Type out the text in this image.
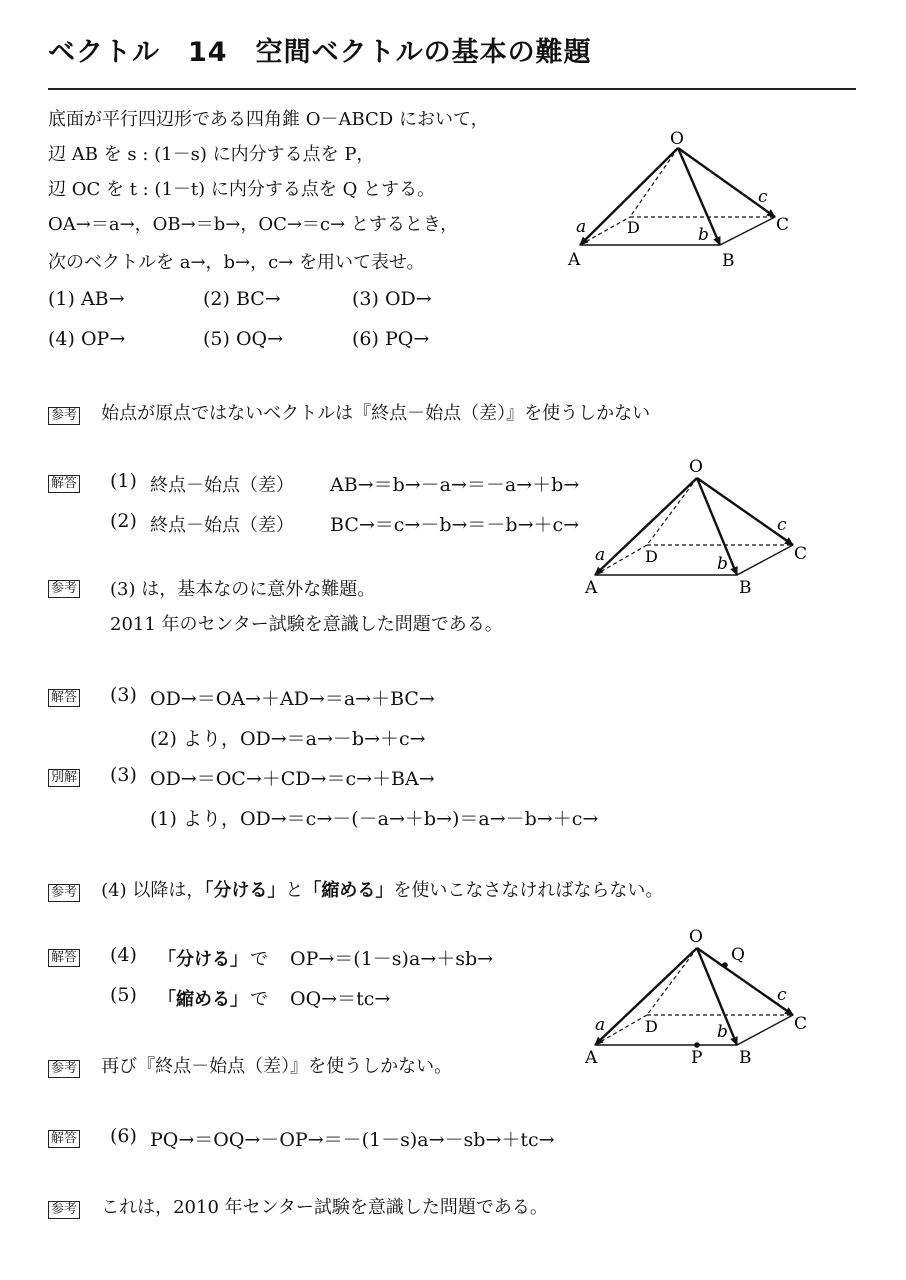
ベクトル　14　空間ベクトルの基本の難題
底面が平行四辺形である四角錐 O－ABCD において，
辺 AB を s : (1－s) に内分する点を P，
辺 OC を t : (1－t) に内分する点を Q とする。
OA→＝a→，OB→＝b→，OC→＝c→ とするとき，
次のベクトルを a→，b→，c→ を用いて表せ。
(1) AB→	(2) BC→	(3) OD→
(4) OP→	(5) OQ→	(6) PQ→
参考 始点が原点ではないベクトルは『終点－始点（差）』を使うしかない
解答 (1) 終点－始点（差） AB→＝b→－a→＝－a→＋b→
(2) 終点－始点（差） BC→＝c→－b→＝－b→＋c→
参考 (3) は，基本なのに意外な難題。
2011 年のセンター試験を意識した問題である。
解答 (3) OD→＝OA→＋AD→＝a→＋BC→
(2) より，OD→＝a→－b→＋c→
別解 (3) OD→＝OC→＋CD→＝c→＋BA→
(1) より，OD→＝c→－(－a→＋b→)＝a→－b→＋c→
参考 (4) 以降は，「分ける」と「縮める」を使いこなさなければならない。
解答 (4) 「分ける」 で OP→＝(1－s)a→＋sb→
(5) 「縮める」 で OQ→＝tc→
参考 再び『終点－始点（差）』を使うしかない。
解答 (6) PQ→＝OQ→－OP→＝－(1－s)a→－sb→＋tc→
参考 これは，2010 年センター試験を意識した問題である。
O
A	B
C
D
a	b
c
O
A	B
C
D
a	b
c
O
Q
A	P B
C
D
a	b
c
